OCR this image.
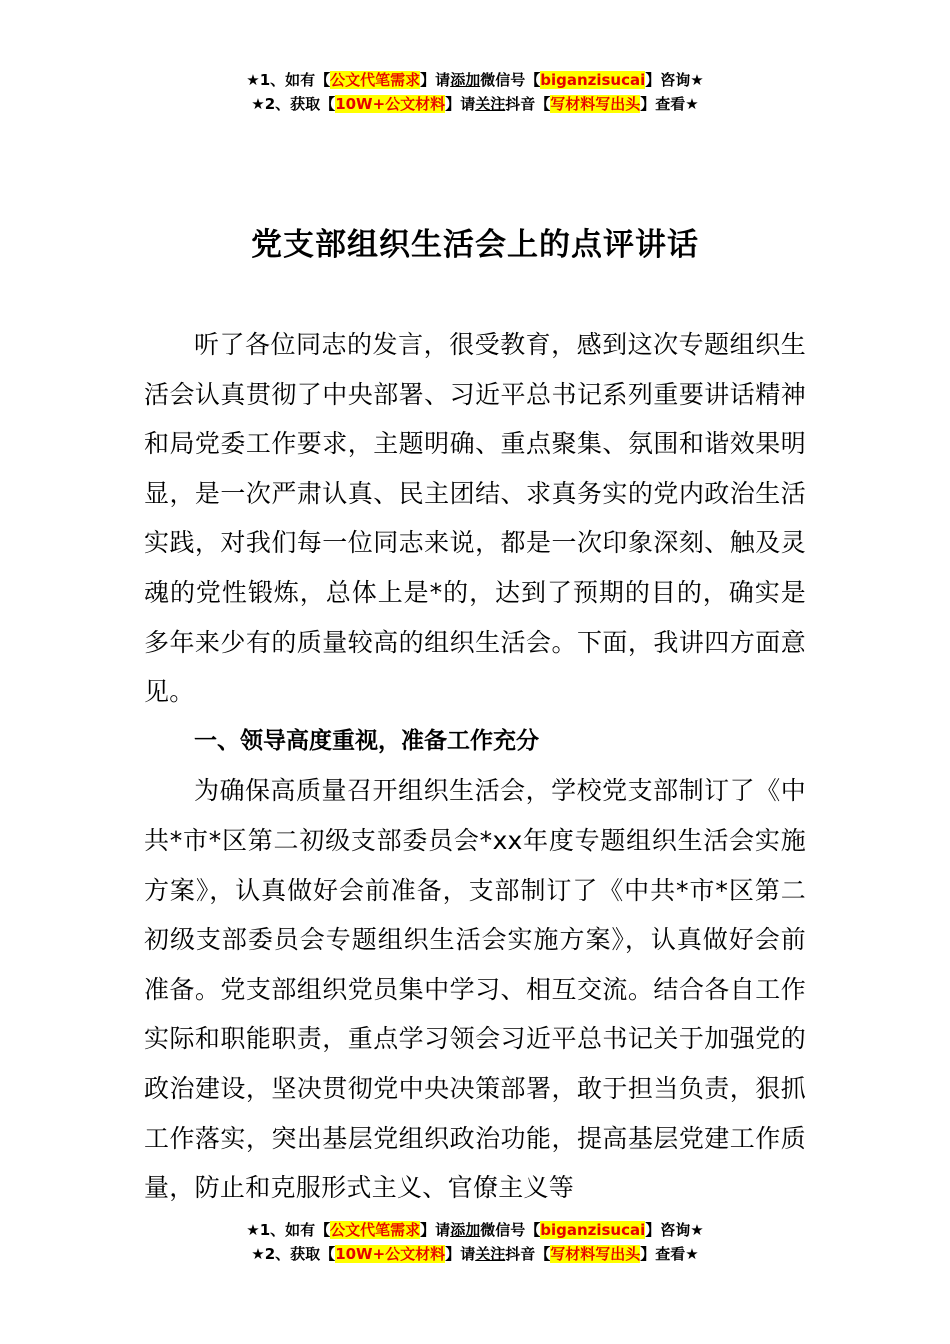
★1、如有【公文代笔需求】请添加微信号【biganzisucai】咨询★
★2、获取【10W+公文材料】请关注抖音【写材料写出头】查看★
党支部组织生活会上的点评讲话

听了各位同志的发言，很受教育，感到这次专题组织生活会认真贯彻了中央部署、习近平总书记系列重要讲话精神和局党委工作要求，主题明确、重点聚集、氛围和谐效果明显，是一次严肃认真、民主团结、求真务实的党内政治生活实践，对我们每一位同志来说，都是一次印象深刻、触及灵魂的党性锻炼，总体上是*的，达到了预期的目的，确实是多年来少有的质量较高的组织生活会。下面，我讲四方面意见。

一、领导高度重视，准备工作充分

为确保高质量召开组织生活会，学校党支部制订了《中共*市*区第二初级支部委员会*xx年度专题组织生活会实施方案》，认真做好会前准备，支部制订了《中共*市*区第二初级支部委员会专题组织生活会实施方案》，认真做好会前准备。党支部组织党员集中学习、相互交流。结合各自工作实际和职能职责，重点学习领会习近平总书记关于加强党的政治建设，坚决贯彻党中央决策部署，敢于担当负责，狠抓工作落实，突出基层党组织政治功能，提高基层党建工作质量，防止和克服形式主义、官僚主义等

★1、如有【公文代笔需求】请添加微信号【biganzisucai】咨询★
★2、获取【10W+公文材料】请关注抖音【写材料写出头】查看★
